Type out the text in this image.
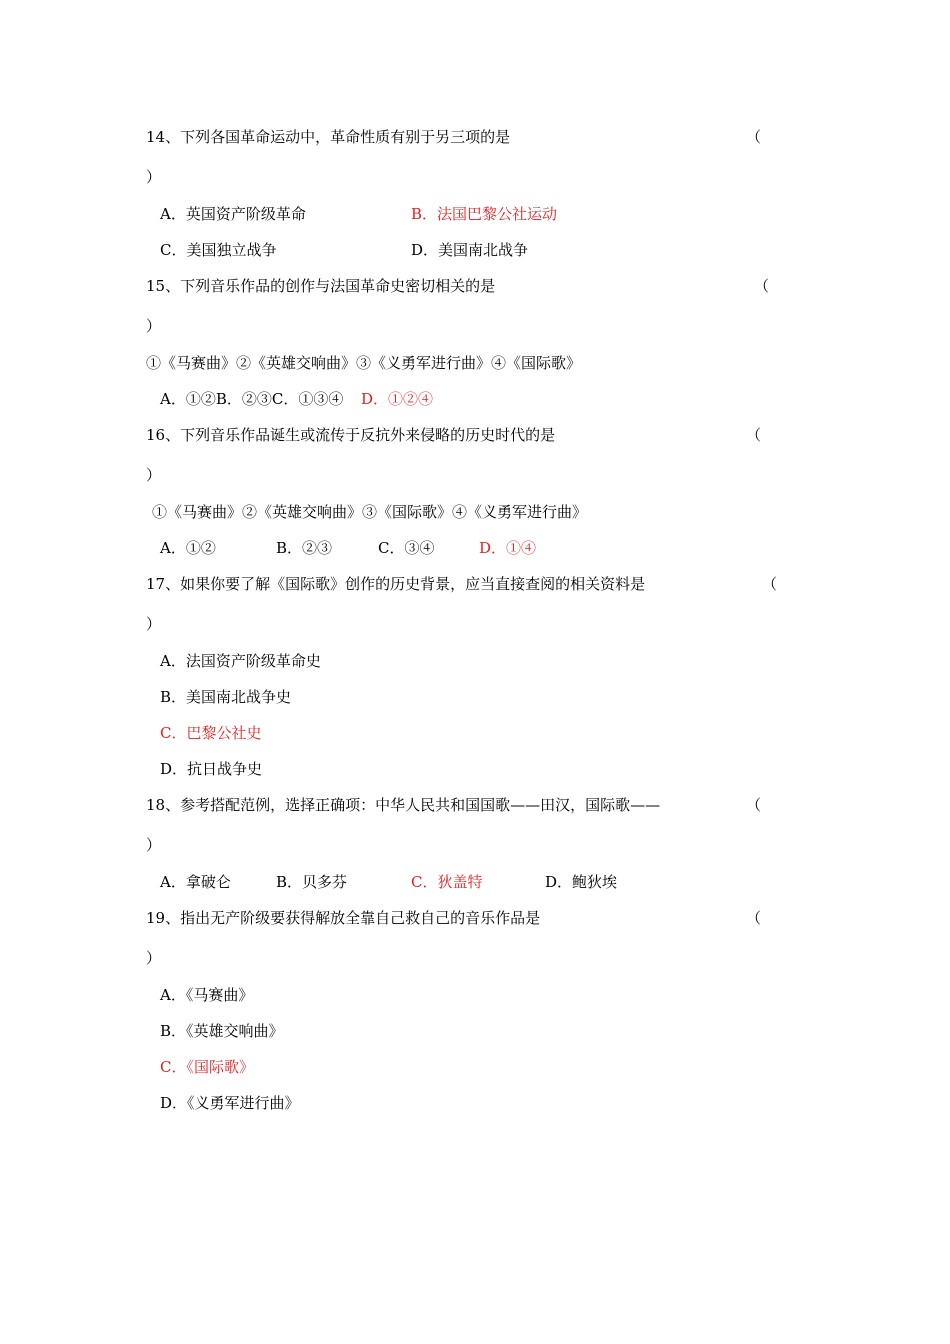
14、下列各国革命运动中，革命性质有别于另三项的是	（
）
A．英国资产阶级革命	B．法国巴黎公社运动
C．美国独立战争	D．美国南北战争
15、下列音乐作品的创作与法国革命史密切相关的是	（
）
①《马赛曲》②《英雄交响曲》③《义勇军进行曲》④《国际歌》
A．①②B．②③C．①③④ D．①②④
16、下列音乐作品诞生或流传于反抗外来侵略的历史时代的是	（
）
①《马赛曲》②《英雄交响曲》③《国际歌》④《义勇军进行曲》
A．①②	B．②③	C．③④	D．①④
17、如果你要了解《国际歌》创作的历史背景，应当直接查阅的相关资料是	（
）
A．法国资产阶级革命史
B．美国南北战争史
C．巴黎公社史
D．抗日战争史
18、参考搭配范例，选择正确项：中华人民共和国国歌——田汉，国际歌——	（
）
A．拿破仑	B．贝多芬	C．狄盖特	D．鲍狄埃
19、指出无产阶级要获得解放全靠自己救自己的音乐作品是	（
）
A．《马赛曲》
B．《英雄交响曲》
C．《国际歌》
D．《义勇军进行曲》
